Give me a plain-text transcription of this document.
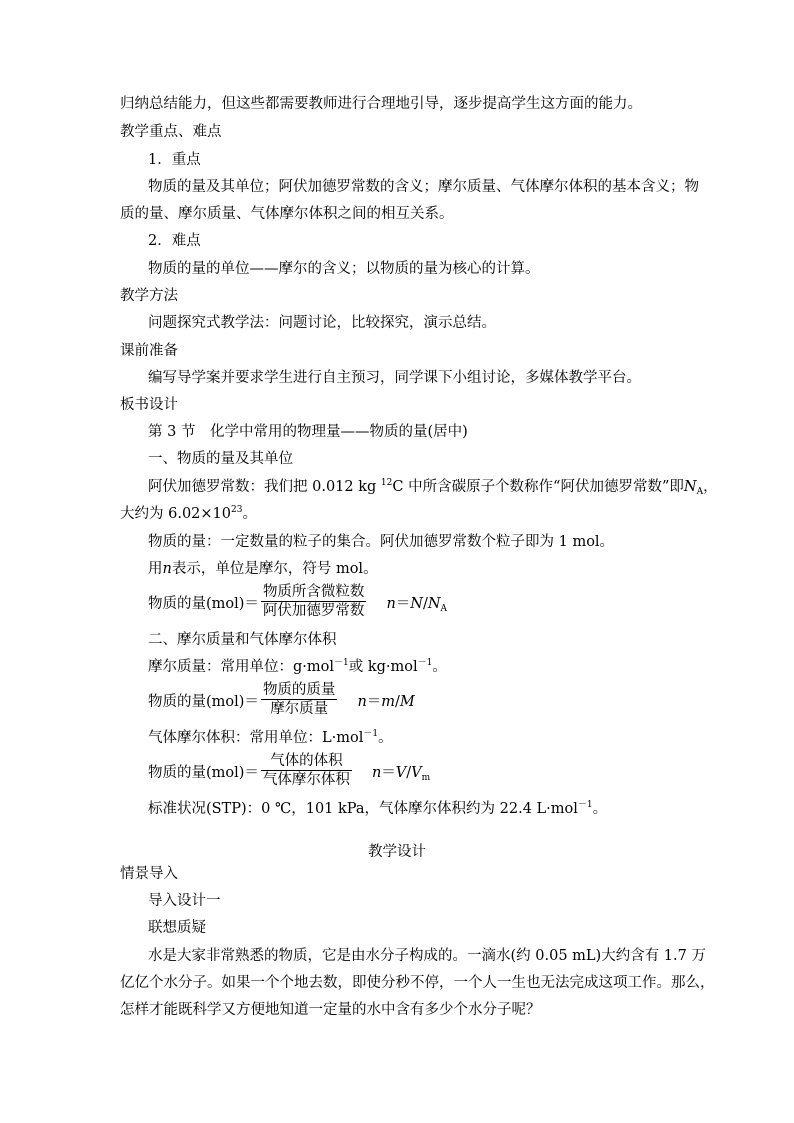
归纳总结能力，但这些都需要教师进行合理地引导，逐步提高学生这方面的能力。
教学重点、难点
1．重点
物质的量及其单位；阿伏加德罗常数的含义；摩尔质量、气体摩尔体积的基本含义；物
质的量、摩尔质量、气体摩尔体积之间的相互关系。
2．难点
物质的量的单位——摩尔的含义；以物质的量为核心的计算。
教学方法
问题探究式教学法：问题讨论，比较探究，演示总结。
课前准备
编写导学案并要求学生进行自主预习，同学课下小组讨论，多媒体教学平台。
板书设计
第 3 节　化学中常用的物理量——物质的量(居中)
一、物质的量及其单位
阿伏加德罗常数：我们把 0.012 kg $^{12}$C 中所含碳原子个数称作“阿伏加德罗常数”即$N_A$，
大约为 $6.02\times 10^{23}$。
物质的量：一定数量的粒子的集合。阿伏加德罗常数个粒子即为 1 mol。
用n表示，单位是摩尔，符号 mol。
物质的量$(mol)= \frac{\text{物质所含微粒数}}{\text{阿伏加德罗常数}} n=N/N_A$
二、摩尔质量和气体摩尔体积
摩尔质量：常用单位：g·mol$^{-1}$或 kg·mol$^{-1}$。
物质的量$(mol)= \frac{\text{物质的质量}}{\text{摩尔质量}} n=m/M$
气体摩尔体积：常用单位：L·mol$^{-1}$。
物质的量$(mol)= \frac{\text{气体的体积}}{\text{气体摩尔体积}} n=V/V_m$
标准状况(STP)：0 ℃，101 kPa，气体摩尔体积约为 22.4 L·mol$^{-1}$。
教学设计
情景导入
导入设计一
联想质疑
水是大家非常熟悉的物质，它是由水分子构成的。一滴水(约 0.05 mL)大约含有 1.7 万
亿亿个水分子。如果一个个地去数，即使分秒不停，一个人一生也无法完成这项工作。那么，
怎样才能既科学又方便地知道一定量的水中含有多少个水分子呢？
